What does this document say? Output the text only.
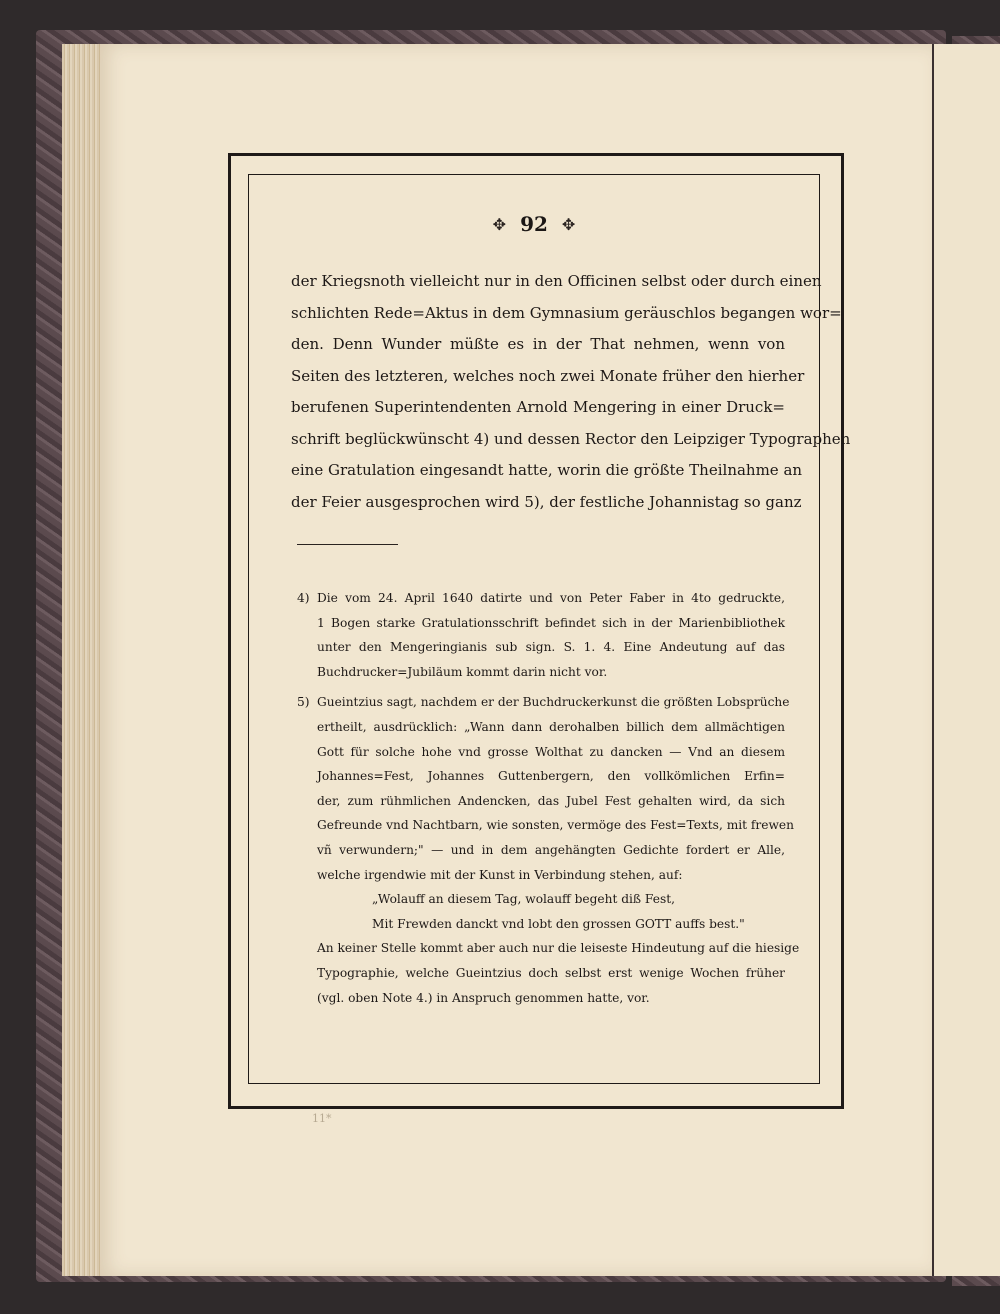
✥ 92 ✥
der Kriegsnoth vielleicht nur in den Officinen selbst oder durch einen
schlichten Rede=Aktus in dem Gymnasium geräuschlos begangen wor=
den. Denn Wunder müßte es in der That nehmen, wenn von
Seiten des letzteren, welches noch zwei Monate früher den hierher
berufenen Superintendenten Arnold Mengering in einer Druck=
schrift beglückwünscht 4) und dessen Rector den Leipziger Typographen
eine Gratulation eingesandt hatte, worin die größte Theilnahme an
der Feier ausgesprochen wird 5), der festliche Johannistag so ganz
4) Die vom 24. April 1640 datirte und von Peter Faber in 4to gedruckte,
1 Bogen starke Gratulationsschrift befindet sich in der Marienbibliothek
unter den Mengeringianis sub sign. S. 1. 4. Eine Andeutung auf das
Buchdrucker=Jubiläum kommt darin nicht vor.
5) Gueintzius sagt, nachdem er der Buchdruckerkunst die größten Lobsprüche
ertheilt, ausdrücklich: „Wann dann derohalben billich dem allmächtigen
Gott für solche hohe vnd grosse Wolthat zu dancken — Vnd an diesem
Johannes=Fest, Johannes Guttenbergern, den vollkömlichen Erfin=
der, zum rühmlichen Andencken, das Jubel Fest gehalten wird, da sich
Gefreunde vnd Nachtbarn, wie sonsten, vermöge des Fest=Texts, mit frewen
vñ verwundern;" — und in dem angehängten Gedichte fordert er Alle,
welche irgendwie mit der Kunst in Verbindung stehen, auf:
„Wolauff an diesem Tag, wolauff begeht diß Fest,
Mit Frewden danckt vnd lobt den grossen GOTT auffs best."
An keiner Stelle kommt aber auch nur die leiseste Hindeutung auf die hiesige
Typographie, welche Gueintzius doch selbst erst wenige Wochen früher
(vgl. oben Note 4.) in Anspruch genommen hatte, vor.
11*
